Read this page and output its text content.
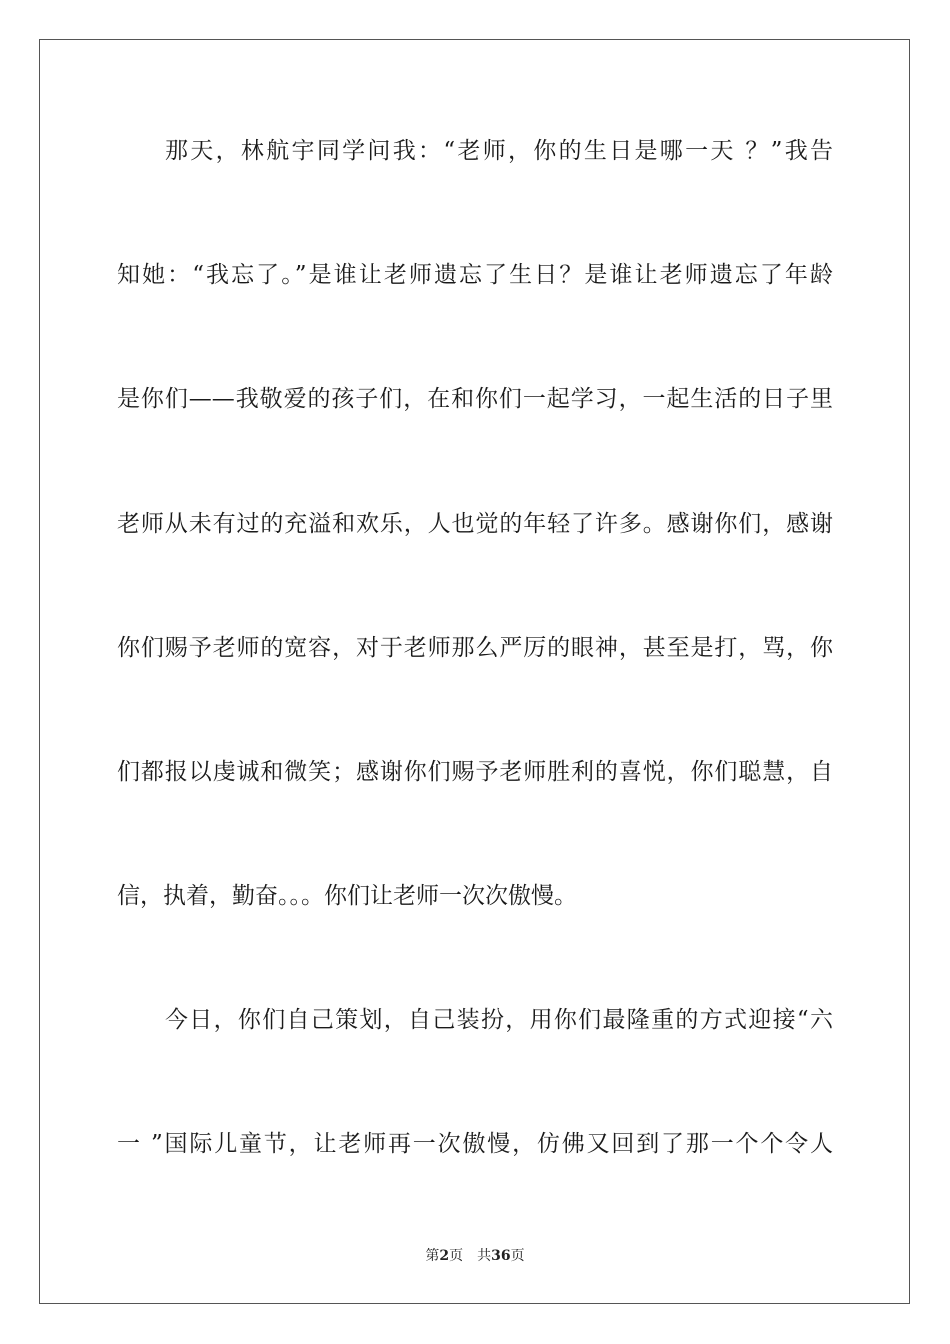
那天，林航宇同学问我：“老师，你的生日是哪一天 ？”我告
知她：“我忘了。”是谁让老师遗忘了生日？是谁让老师遗忘了年龄
是你们——我敬爱的孩子们，在和你们一起学习，一起生活的日子里
老师从未有过的充溢和欢乐，人也觉的年轻了许多。感谢你们，感谢
你们赐予老师的宽容，对于老师那么严厉的眼神，甚至是打，骂，你
们都报以虔诚和微笑；感谢你们赐予老师胜利的喜悦，你们聪慧，自
信，执着，勤奋。。。你们让老师一次次傲慢。
今日，你们自己策划，自己装扮，用你们最隆重的方式迎接“六
一 ”国际儿童节，让老师再一次傲慢，仿佛又回到了那一个个令人
第2页 共36页
